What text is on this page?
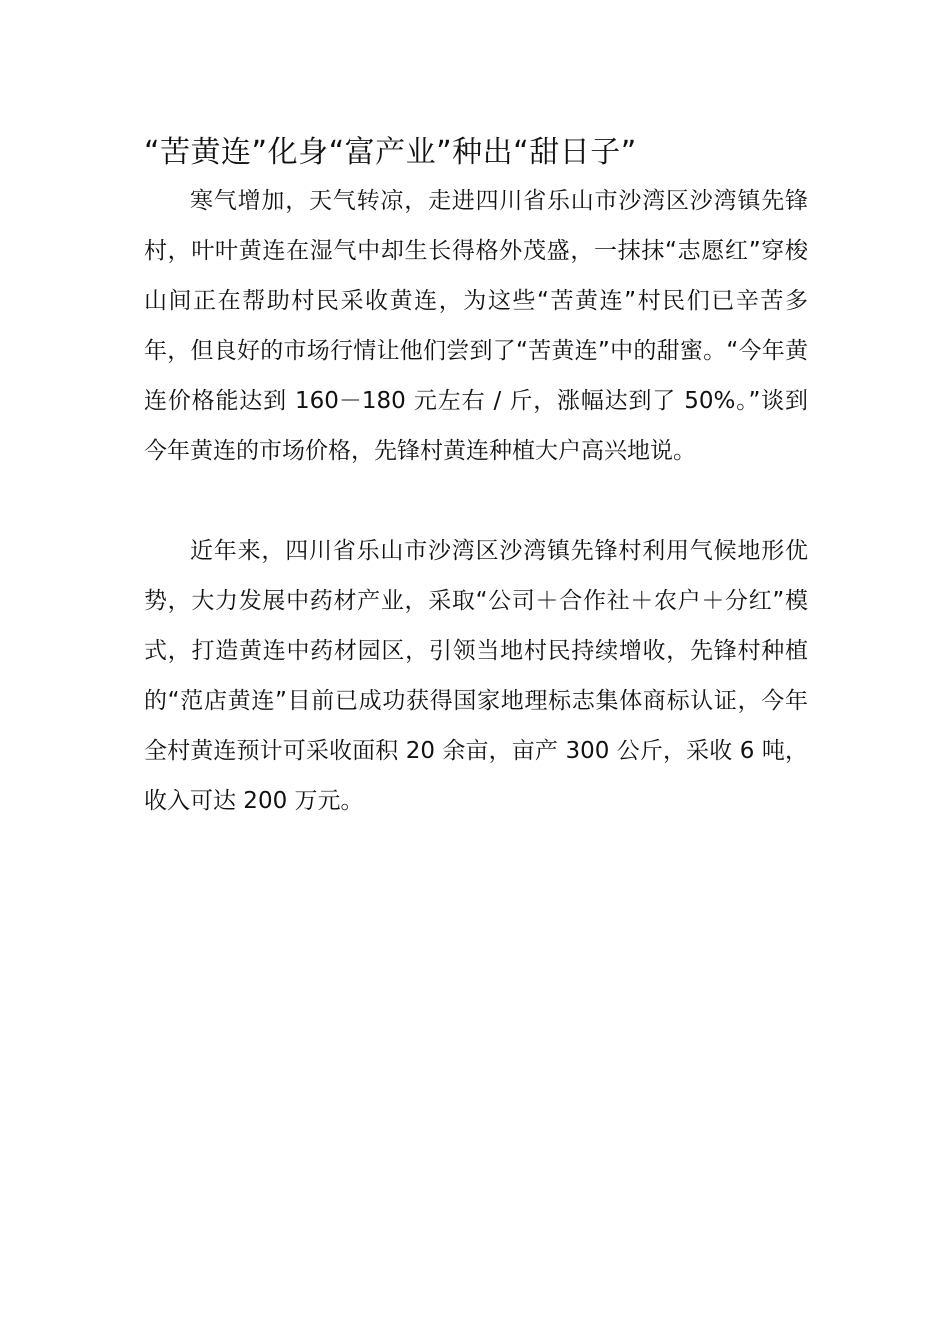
“苦黄连”化身“富产业”种出“甜日子”

寒气增加，天气转凉，走进四川省乐山市沙湾区沙湾镇先锋村，叶叶黄连在湿气中却生长得格外茂盛，一抹抹“志愿红”穿梭山间正在帮助村民采收黄连，为这些“苦黄连”村民们已辛苦多年，但良好的市场行情让他们尝到了“苦黄连”中的甜蜜。“今年黄连价格能达到 160－180 元左右 / 斤，涨幅达到了 50%。”谈到今年黄连的市场价格，先锋村黄连种植大户高兴地说。

近年来，四川省乐山市沙湾区沙湾镇先锋村利用气候地形优势，大力发展中药材产业，采取“公司＋合作社＋农户＋分红”模式，打造黄连中药材园区，引领当地村民持续增收，先锋村种植的“范店黄连”目前已成功获得国家地理标志集体商标认证，今年全村黄连预计可采收面积 20 余亩，亩产 300 公斤，采收 6 吨，收入可达 200 万元。
